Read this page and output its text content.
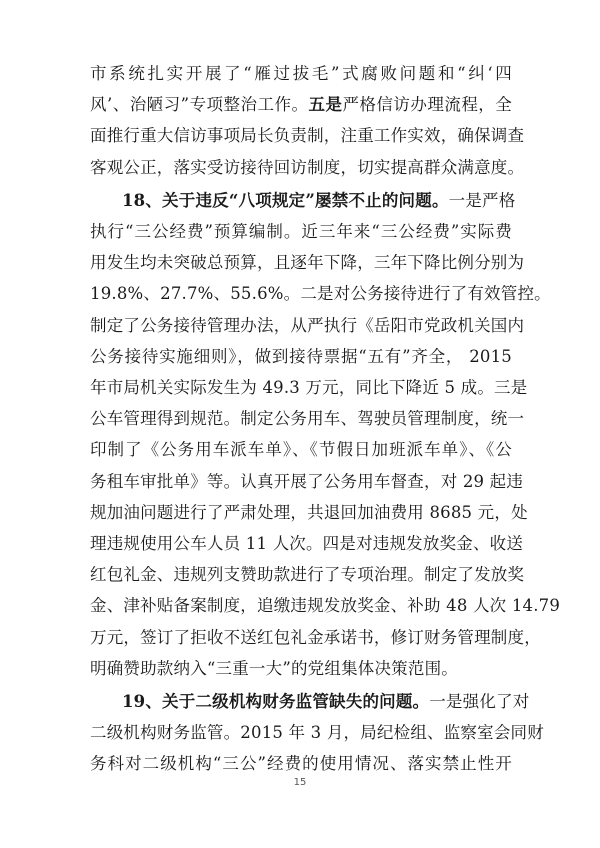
市系统扎实开展了“雁过拔毛”式腐败问题和“纠‘四
风’、治陋习”专项整治工作。五是严格信访办理流程，全
面推行重大信访事项局长负责制，注重工作实效，确保调查
客观公正，落实受访接待回访制度，切实提高群众满意度。
18、关于违反“八项规定”屡禁不止的问题。一是严格
执行“三公经费”预算编制。近三年来“三公经费”实际费
用发生均未突破总预算，且逐年下降，三年下降比例分别为
19.8%、27.7%、55.6%。二是对公务接待进行了有效管控。
制定了公务接待管理办法，从严执行《岳阳市党政机关国内
公务接待实施细则》，做到接待票据“五有”齐全， 2015
年市局机关实际发生为 49.3 万元，同比下降近 5 成。三是
公车管理得到规范。制定公务用车、驾驶员管理制度，统一
印制了《公务用车派车单》、《节假日加班派车单》、《公
务租车审批单》等。认真开展了公务用车督查，对 29 起违
规加油问题进行了严肃处理，共退回加油费用 8685 元，处
理违规使用公车人员 11 人次。四是对违规发放奖金、收送
红包礼金、违规列支赞助款进行了专项治理。制定了发放奖
金、津补贴备案制度，追缴违规发放奖金、补助 48 人次 14.79
万元，签订了拒收不送红包礼金承诺书，修订财务管理制度，
明确赞助款纳入“三重一大”的党组集体决策范围。
19、关于二级机构财务监管缺失的问题。一是强化了对
二级机构财务监管。2015 年 3 月，局纪检组、监察室会同财
务科对二级机构“三公”经费的使用情况、落实禁止性开
15
